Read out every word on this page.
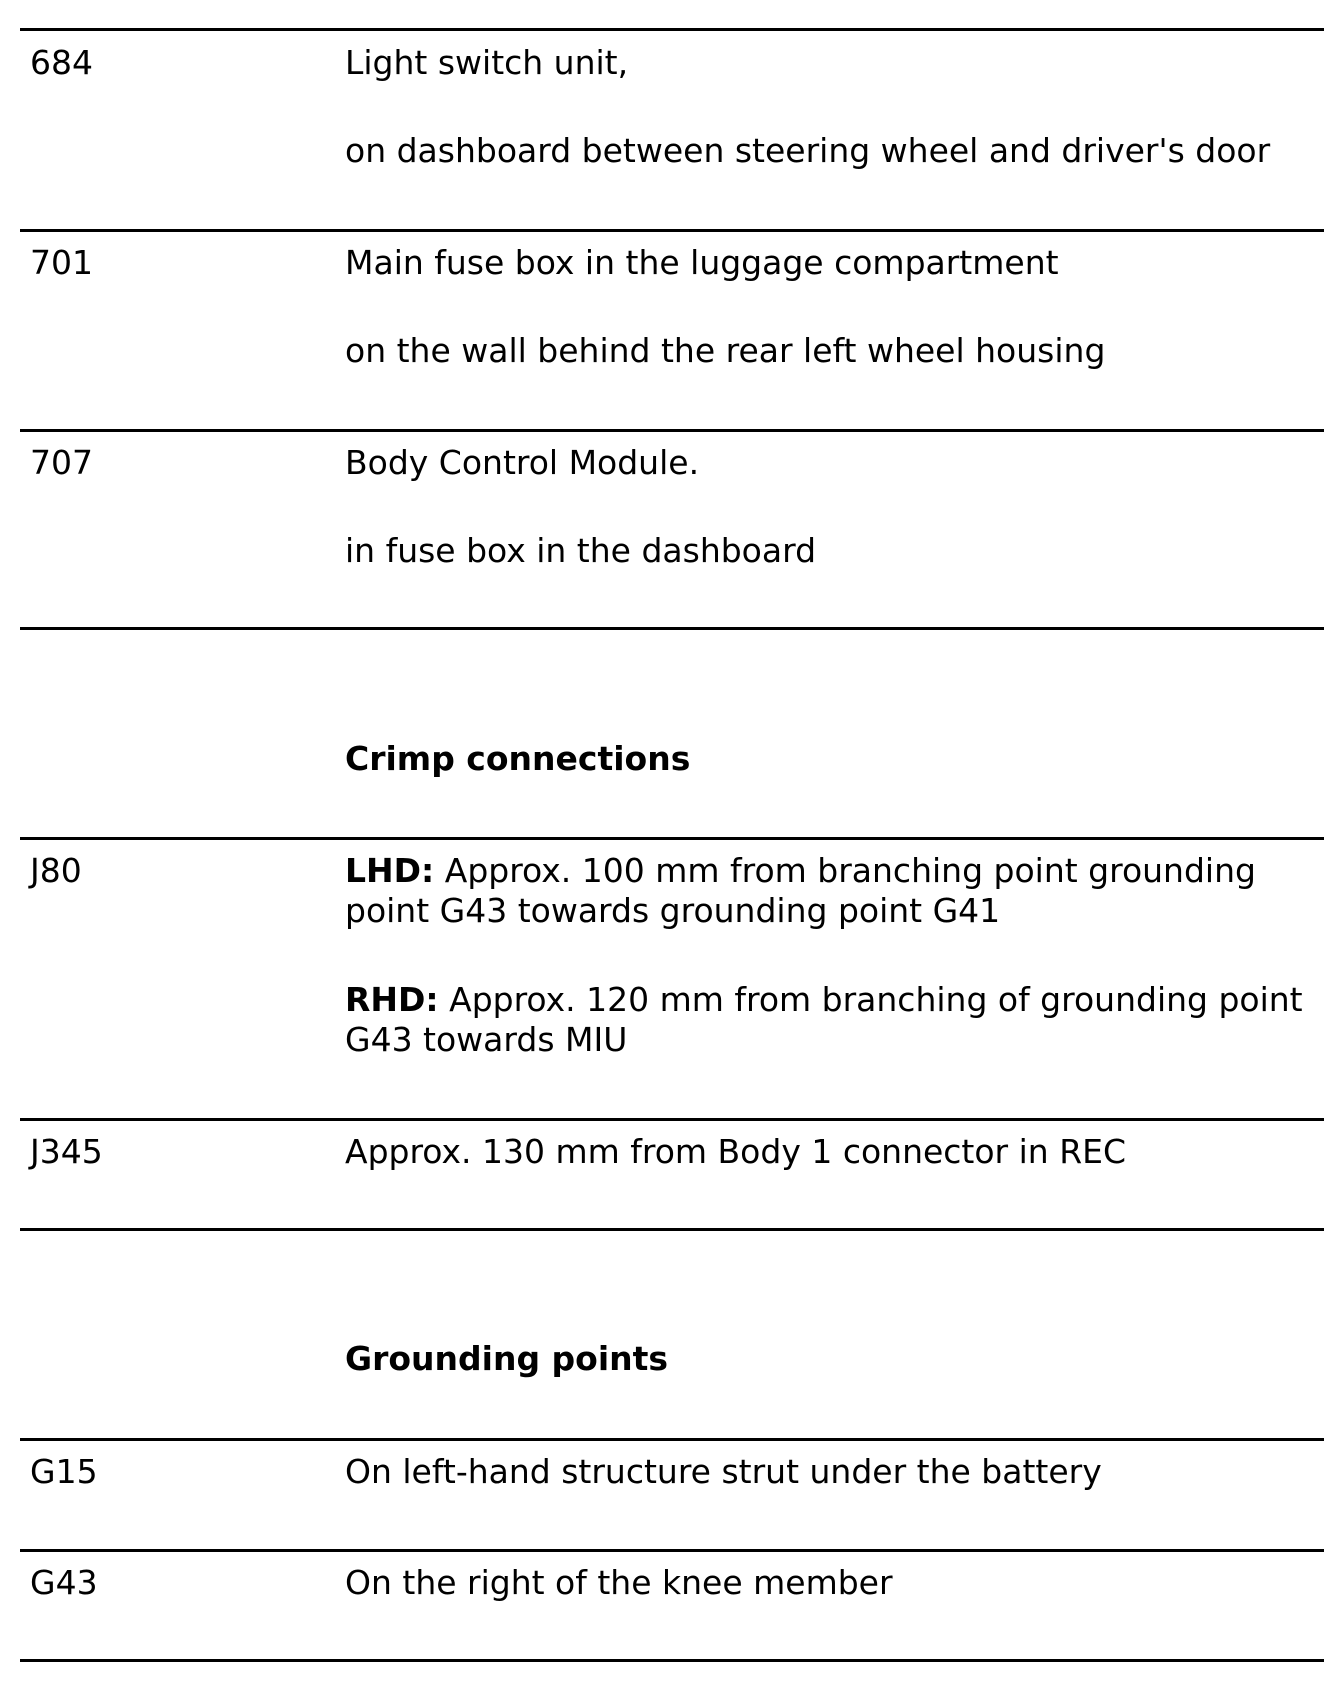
684	Light switch unit,
on dashboard between steering wheel and driver's door
701	Main fuse box in the luggage compartment
on the wall behind the rear left wheel housing
707	Body Control Module.
in fuse box in the dashboard
Crimp connections
J80	LHD: Approx. 100 mm from branching point grounding point G43 towards grounding point G41
RHD: Approx. 120 mm from branching of grounding point G43 towards MIU
J345	Approx. 130 mm from Body 1 connector in REC
Grounding points
G15	On left-hand structure strut under the battery
G43	On the right of the knee member
